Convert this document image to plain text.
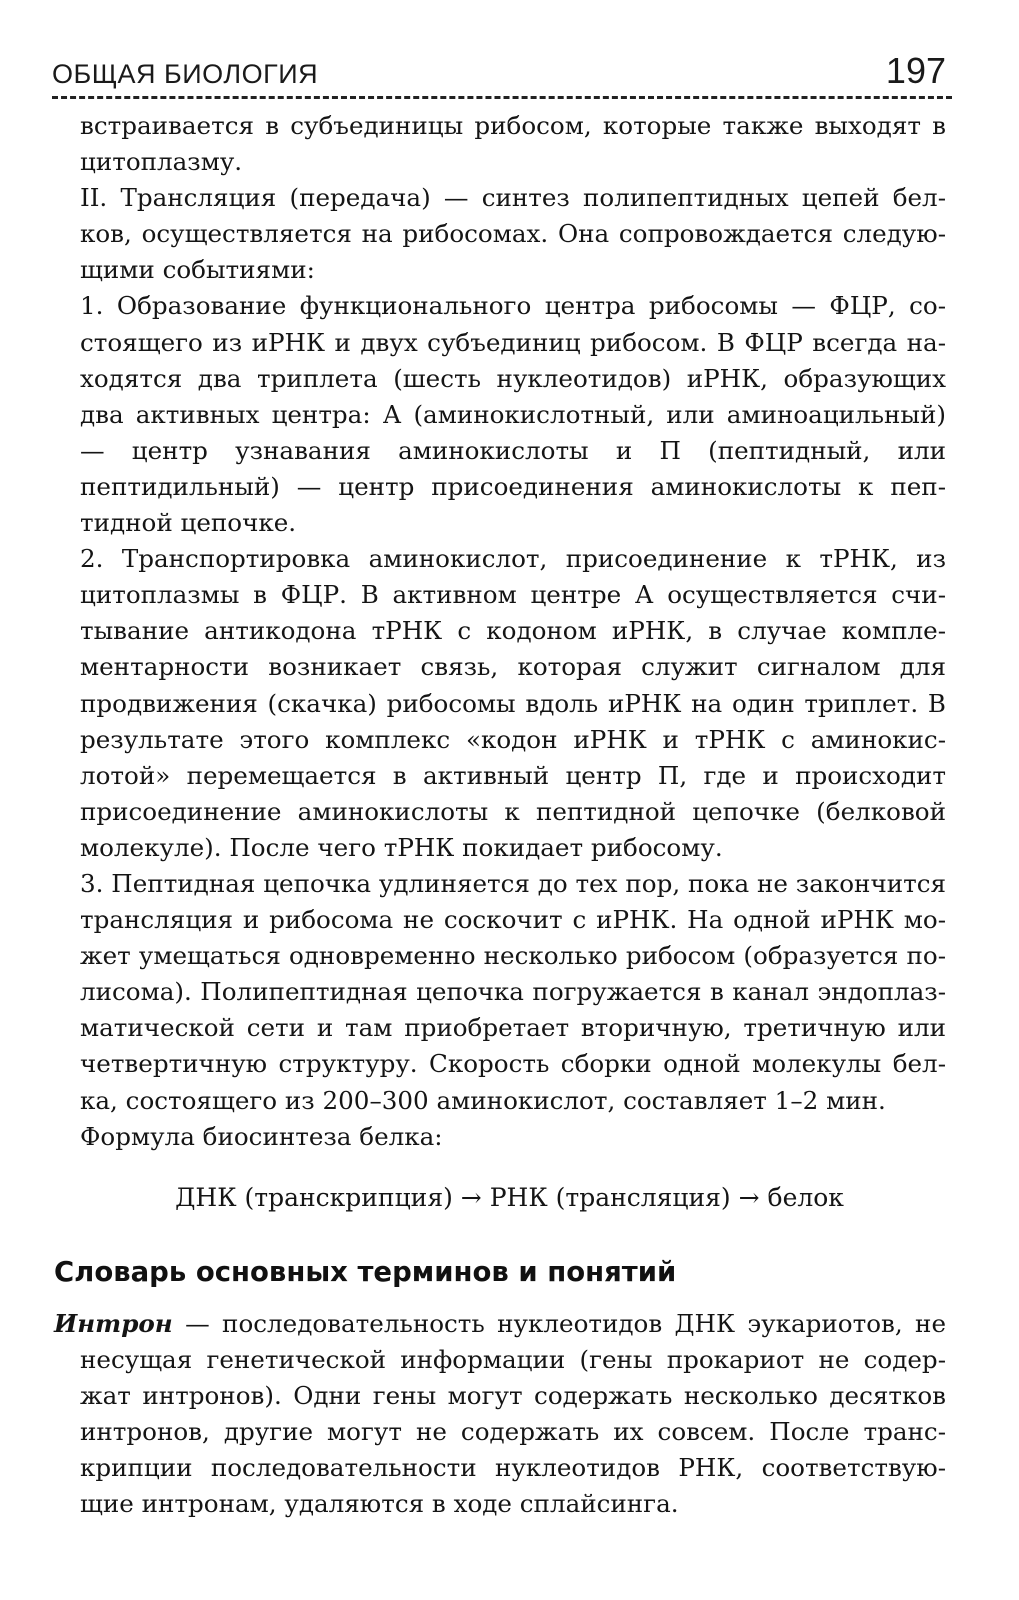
ОБЩАЯ БИОЛОГИЯ	197

встраивается в субъединицы рибосом, которые также выходят в цитоплазму.

II. Трансляция (передача) — синтез полипептидных цепей белков, осуществляется на рибосомах. Она сопровождается следующими событиями:

1. Образование функционального центра рибосомы — ФЦР, состоящего из иРНК и двух субъединиц рибосом. В ФЦР всегда находятся два триплета (шесть нуклеотидов) иРНК, образующих два активных центра: А (аминокислотный, или аминоацильный) — центр узнавания аминокислоты и П (пептидный, или пептидильный) — центр присоединения аминокислоты к пептидной цепочке.

2. Транспортировка аминокислот, присоединение к тРНК, из цитоплазмы в ФЦР. В активном центре А осуществляется считывание антикодона тРНК с кодоном иРНК, в случае комплементарности возникает связь, которая служит сигналом для продвижения (скачка) рибосомы вдоль иРНК на один триплет. В результате этого комплекс «кодон иРНК и тРНК с аминокислотой» перемещается в активный центр П, где и происходит присоединение аминокислоты к пептидной цепочке (белковой молекуле). После чего тРНК покидает рибосому.

3. Пептидная цепочка удлиняется до тех пор, пока не закончится трансляция и рибосома не соскочит с иРНК. На одной иРНК может умещаться одновременно несколько рибосом (образуется полисома). Полипептидная цепочка погружается в канал эндоплазматической сети и там приобретает вторичную, третичную или четвертичную структуру. Скорость сборки одной молекулы белка, состоящего из 200–300 аминокислот, составляет 1–2 мин.

Формула биосинтеза белка:

ДНК (транскрипция) → РНК (трансляция) → белок
Словарь основных терминов и понятий

Интрон — последовательность нуклеотидов ДНК эукариотов, не несущая генетической информации (гены прокариот не содержат интронов). Одни гены могут содержать несколько десятков интронов, другие могут не содержать их совсем. После транскрипции последовательности нуклеотидов РНК, соответствующие интронам, удаляются в ходе сплайсинга.
